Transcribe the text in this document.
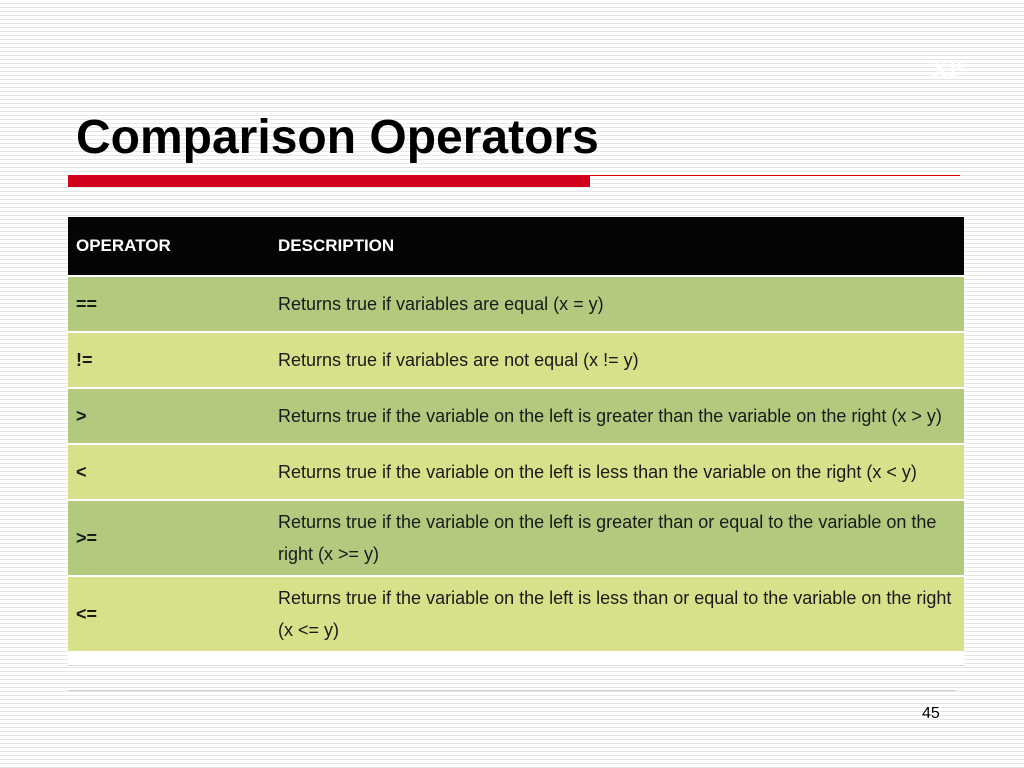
XP
Comparison Operators
OPERATOR	DESCRIPTION
==	Returns true if variables are equal (x = y)
!=	Returns true if variables are not equal (x != y)
>	Returns true if the variable on the left is greater than the variable on the right (x > y)
<	Returns true if the variable on the left is less than the variable on the right (x < y)
>=	Returns true if the variable on the left is greater than or equal to the variable on the right (x >= y)
<=	Returns true if the variable on the left is less than or equal to the variable on the right (x <= y)
45
